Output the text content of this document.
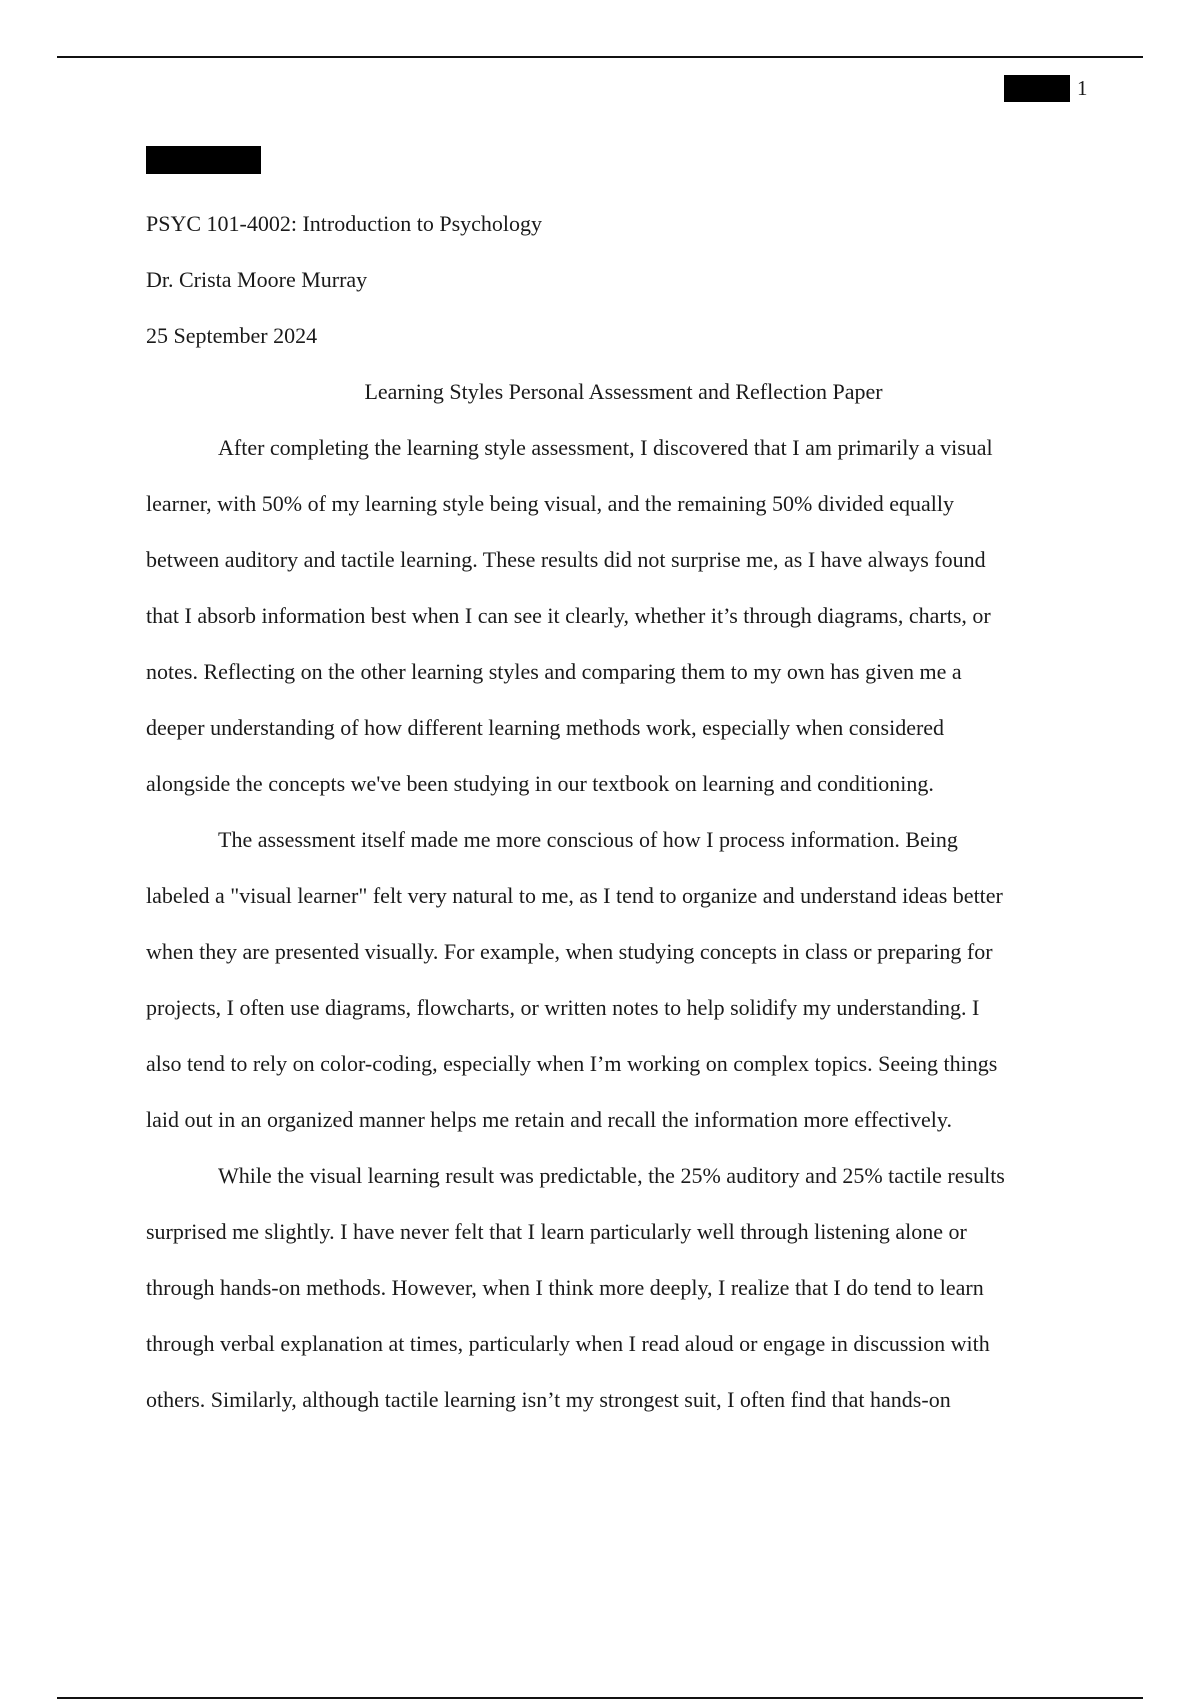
1
PSYC 101-4002: Introduction to Psychology
Dr. Crista Moore Murray
25 September 2024
Learning Styles Personal Assessment and Reflection Paper
After completing the learning style assessment, I discovered that I am primarily a visual
learner, with 50% of my learning style being visual, and the remaining 50% divided equally
between auditory and tactile learning. These results did not surprise me, as I have always found
that I absorb information best when I can see it clearly, whether it’s through diagrams, charts, or
notes. Reflecting on the other learning styles and comparing them to my own has given me a
deeper understanding of how different learning methods work, especially when considered
alongside the concepts we've been studying in our textbook on learning and conditioning.
The assessment itself made me more conscious of how I process information. Being
labeled a "visual learner" felt very natural to me, as I tend to organize and understand ideas better
when they are presented visually. For example, when studying concepts in class or preparing for
projects, I often use diagrams, flowcharts, or written notes to help solidify my understanding. I
also tend to rely on color-coding, especially when I’m working on complex topics. Seeing things
laid out in an organized manner helps me retain and recall the information more effectively.
While the visual learning result was predictable, the 25% auditory and 25% tactile results
surprised me slightly. I have never felt that I learn particularly well through listening alone or
through hands-on methods. However, when I think more deeply, I realize that I do tend to learn
through verbal explanation at times, particularly when I read aloud or engage in discussion with
others. Similarly, although tactile learning isn’t my strongest suit, I often find that hands-on
